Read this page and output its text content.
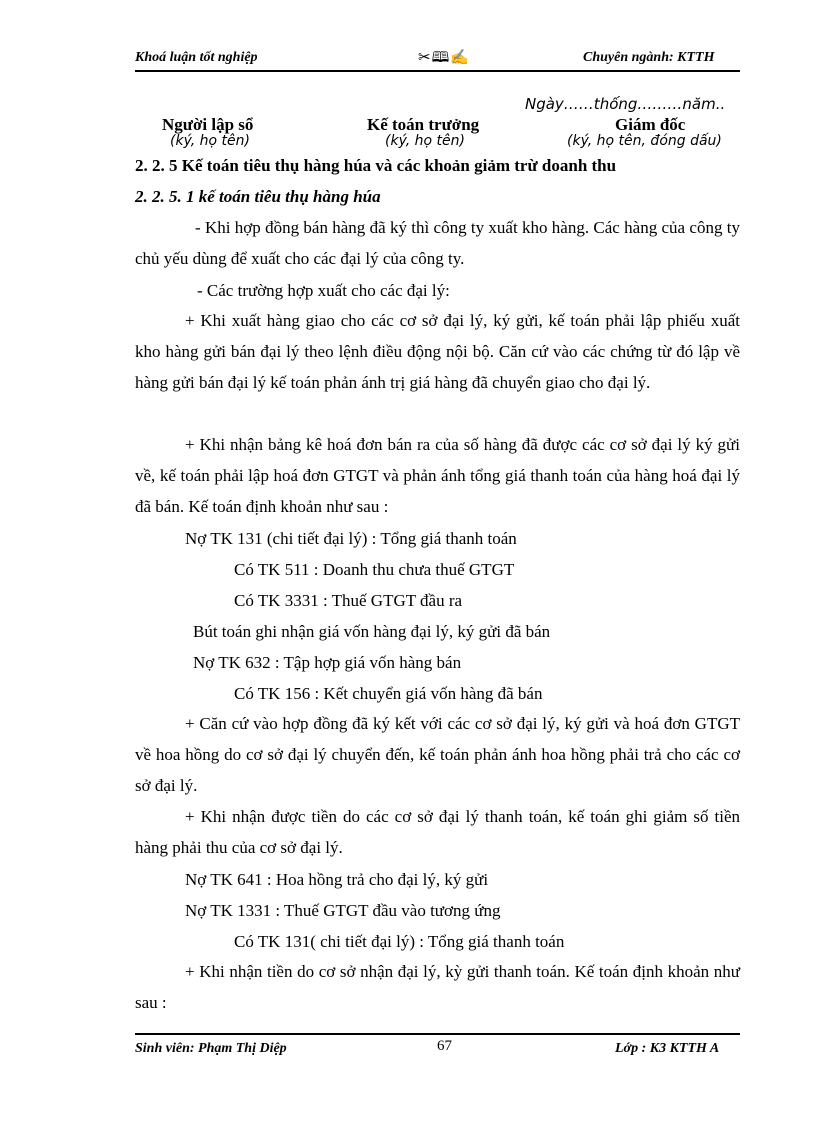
Khoá luận tốt nghiệp	✂🕮✍	Chuyên ngành: KTTH
Ngày……thống………năm..
Người lập sổ	Kế toán trưởng	Giám đốc
(ký, họ tên)	(ký, họ tên)	(ký, họ tên, đóng dấu)
2. 2. 5 Kế toán tiêu thụ hàng húa và các khoản giảm trừ doanh thu
2. 2. 5. 1 kế toán tiêu thụ hàng húa
- Khi hợp đồng bán hàng đã ký thì công ty xuất kho hàng. Các hàng của công ty chủ yếu dùng để xuất cho các đại lý của công ty.
- Các trường hợp xuất cho các đại lý:
+ Khi xuất hàng giao cho các cơ sở đại lý, ký gửi, kế toán phải lập phiếu xuất kho hàng gửi bán đại lý theo lệnh điều động nội bộ. Căn cứ vào các chứng từ đó lập về hàng gửi bán đại lý kế toán phản ánh trị giá hàng đã chuyển giao cho đại lý.
+ Khi nhận bảng kê hoá đơn bán ra của số hàng đã được các cơ sở đại lý ký gửi về, kế toán phải lập hoá đơn GTGT và phản ánh tổng giá thanh toán của hàng hoá đại lý đã bán. Kế toán định khoản như sau :
Nợ TK 131 (chi tiết đại lý) : Tổng giá thanh toán
Có TK 511 : Doanh thu chưa thuế GTGT
Có TK 3331 : Thuế GTGT đầu ra
Bút toán ghi nhận giá vốn hàng đại lý, ký gửi đã bán
Nợ TK 632 : Tập hợp giá vốn hàng bán
Có TK 156 : Kết chuyển giá vốn hàng đã bán
+ Căn cứ vào hợp đồng đã ký kết với các cơ sở đại lý, ký gửi và hoá đơn GTGT về hoa hồng do cơ sở đại lý chuyển đến, kế toán phản ánh hoa hồng phải trả cho các cơ sở đại lý.
+ Khi nhận được tiền do các cơ sở đại lý thanh toán, kế toán ghi giảm số tiền hàng phải thu của cơ sở đại lý.
Nợ TK 641 : Hoa hồng trả cho đại lý, ký gửi
Nợ TK 1331 : Thuế GTGT đầu vào tương ứng
Có TK 131( chi tiết đại lý) : Tổng giá thanh toán
+ Khi nhận tiền do cơ sở nhận đại lý, kỳ gửi thanh toán. Kế toán định khoản như sau :
Sinh viên: Phạm Thị Diệp	67	Lớp : K3 KTTH A
